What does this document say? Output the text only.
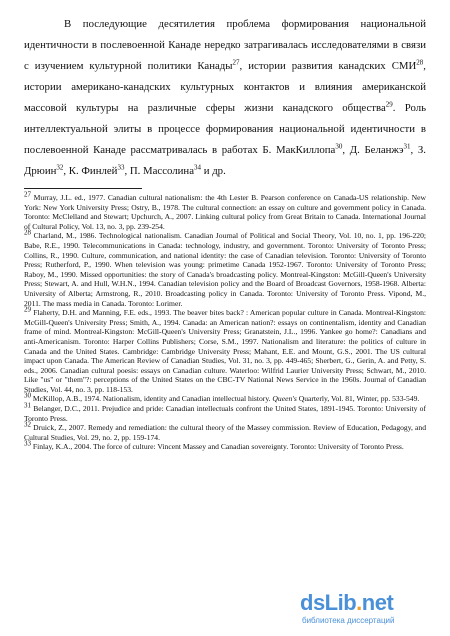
В последующие десятилетия проблема формирования национальной идентичности в послевоенной Канаде нередко затрагивалась исследователями в связи с изучением культурной политики Канады$^{27}$, истории развития канадских СМИ$^{28}$, истории американо-канадских культурных контактов и влияния американской массовой культуры на различные сферы жизни канадского общества$^{29}$. Роль интеллектуальной элиты в процессе формирования национальной идентичности в послевоенной Канаде рассматривалась в работах Б. МакКиллопа$^{30}$, Д. Беланжэ$^{31}$, З. Дрюин$^{32}$, К. Финлей$^{33}$, П. Массолина$^{34}$ и др.

$^{27}$ Murray, J.L. ed., 1977. Canadian cultural nationalism: the 4th Lester B. Pearson conference on Canada-US relationship. New York: New York University Press; Ostry, B., 1978. The cultural connection: an essay on culture and government policy in Canada. Toronto: McClelland and Stewart; Upchurch, A., 2007. Linking cultural policy from Great Britain to Canada. International Journal of Cultural Policy, Vol. 13, no. 3, pp. 239-254.

$^{28}$ Charland, M., 1986. Technological nationalism. Canadian Journal of Political and Social Theory, Vol. 10, no. 1, pp. 196-220; Babe, R.E., 1990. Telecommunications in Canada: technology, industry, and government. Toronto: University of Toronto Press; Collins, R., 1990. Culture, communication, and national identity: the case of Canadian television. Toronto: University of Toronto Press; Rutherford, P., 1990. When television was young: primetime Canada 1952-1967. Toronto: University of Toronto Press; Raboy, M., 1990. Missed opportunities: the story of Canada's broadcasting policy. Montreal-Kingston: McGill-Queen's University Press; Stewart, A. and Hull, W.H.N., 1994. Canadian television policy and the Board of Broadcast Governors, 1958-1968. Alberta: University of Alberta; Armstrong, R., 2010. Broadcasting policy in Canada. Toronto: University of Toronto Press. Vipond, M., 2011. The mass media in Canada. Toronto: Lorimer.

$^{29}$ Flaherty, D.H. and Manning, F.E. eds., 1993. The beaver bites back? : American popular culture in Canada. Montreal-Kingston: McGill-Queen's University Press; Smith, A., 1994. Canada: an American nation?: essays on continentalism, identity and Canadian frame of mind. Montreal-Kingston: McGill-Queen's University Press; Granatstein, J.L., 1996. Yankee go home?: Canadians and anti-Americanism. Toronto: Harper Collins Publishers; Corse, S.M., 1997. Nationalism and literature: the politics of culture in Canada and the United States. Cambridge: Cambridge University Press; Mahant, E.E. and Mount, G.S., 2001. The US cultural impact upon Canada. The American Review of Canadian Studies, Vol. 31, no. 3, pp. 449-465; Sherbert, G., Gerin, A. and Petty, S. eds., 2006. Canadian cultural poesis: essays on Canadian culture. Waterloo: Wilfrid Laurier University Press; Schwart, M., 2010. Like "us" or "them"?: perceptions of the United States on the CBC-TV National News Service in the 1960s. Journal of Canadian Studies, Vol. 44, no. 3, pp. 118-153.

$^{30}$ McKillop, A.B., 1974. Nationalism, identity and Canadian intellectual history. Queen's Quarterly, Vol. 81, Winter, pp. 533-549.

$^{31}$ Belanger, D.C., 2011. Prejudice and pride: Canadian intellectuals confront the United States, 1891-1945. Toronto: University of Toronto Press.

$^{32}$ Druick, Z., 2007. Remedy and remediation: the cultural theory of the Massey commission. Review of Education, Pedagogy, and Cultural Studies, Vol. 29, no. 2, pp. 159-174.

$^{33}$ Finlay, K.A., 2004. The force of culture: Vincent Massey and Canadian sovereignty. Toronto: University of Toronto Press.

dsLib.net
библиотека диссертаций
